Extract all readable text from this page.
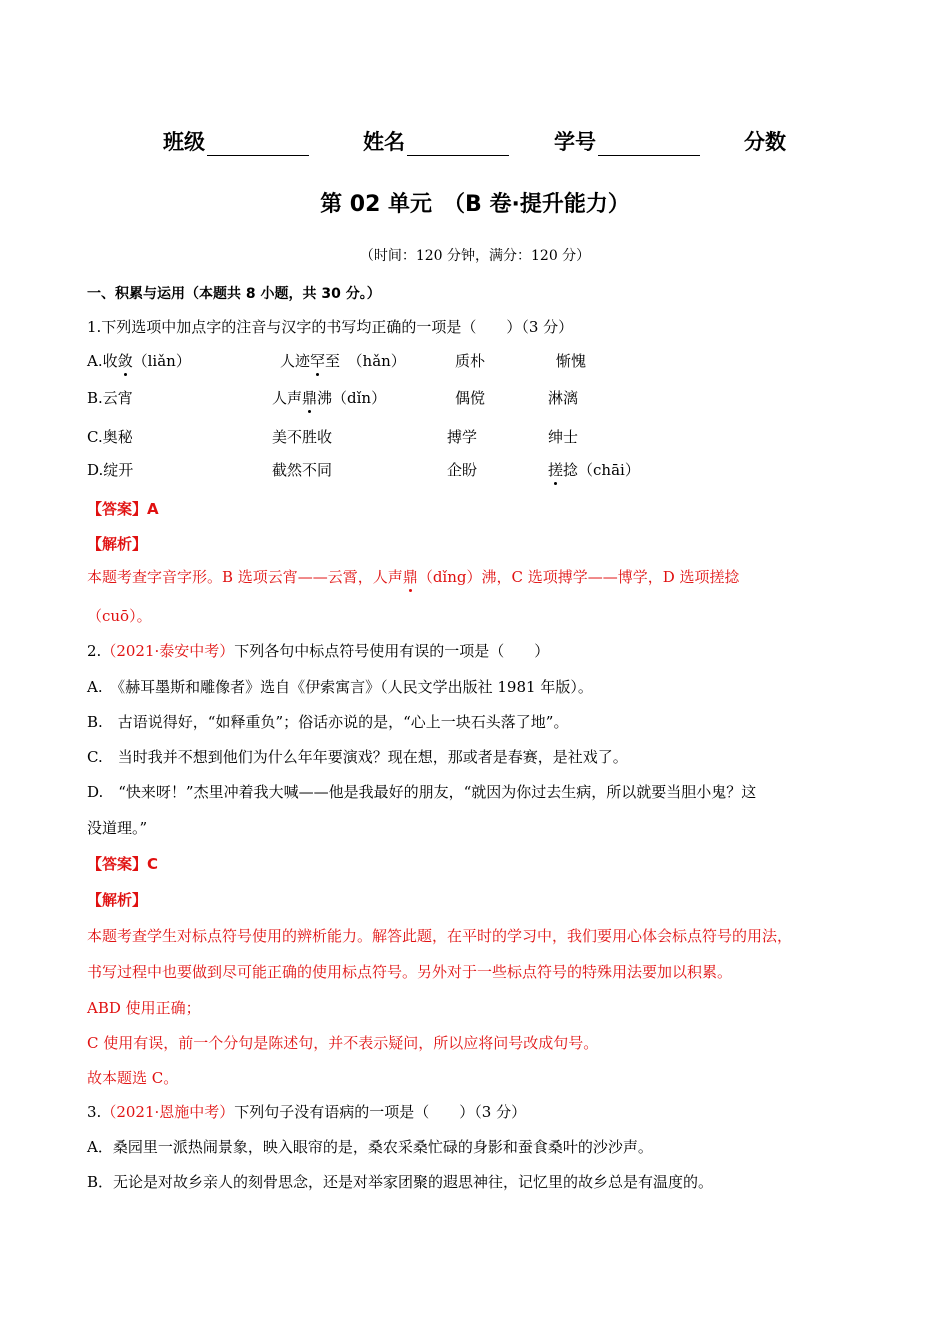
班级	姓名	学号	分数
第 02 单元　（B 卷·提升能力）
（时间：120 分钟，满分：120 分）
一、积累与运用（本题共 8 小题，共 30 分。）
1.下列选项中加点字的注音与汉字的书写均正确的一项是（　　）（3 分）
A.收敛（liǎn）	人迹罕至　（hǎn）	质朴	惭愧
B.云宵	人声鼎沸（dǐn）	偶傥	淋漓
C.奥秘	美不胜收	搏学	绅士
D.绽开	截然不同	企盼	搓捻（chāi）
【答案】A
【解析】
本题考查字音字形。B 选项云宵——云霄，人声鼎（dǐng）沸，C 选项搏学——博学，D 选项搓捻
（cuō）。
2.（2021·泰安中考）下列各句中标点符号使用有误的一项是（　　）
A.　《赫耳墨斯和雕像者》选自《伊索寓言》（人民文学出版社 1981 年版）。
B.　古语说得好，“如释重负”；俗话亦说的是，“心上一块石头落了地”。
C.　当时我并不想到他们为什么年年要演戏？现在想，那或者是春赛，是社戏了。
D.　“快来呀！”杰里冲着我大喊——他是我最好的朋友，“就因为你过去生病，所以就要当胆小鬼？这
没道理。”
【答案】C
【解析】
本题考查学生对标点符号使用的辨析能力。解答此题，在平时的学习中，我们要用心体会标点符号的用法，
书写过程中也要做到尽可能正确的使用标点符号。另外对于一些标点符号的特殊用法要加以积累。
ABD 使用正确；
C 使用有误，前一个分句是陈述句，并不表示疑问，所以应将问号改成句号。
故本题选 C。
3.（2021·恩施中考）下列句子没有语病的一项是（　　）（3 分）
A．桑园里一派热闹景象，映入眼帘的是，桑农采桑忙碌的身影和蚕食桑叶的沙沙声。
B．无论是对故乡亲人的刻骨思念，还是对举家团聚的遐思神往，记忆里的故乡总是有温度的。
